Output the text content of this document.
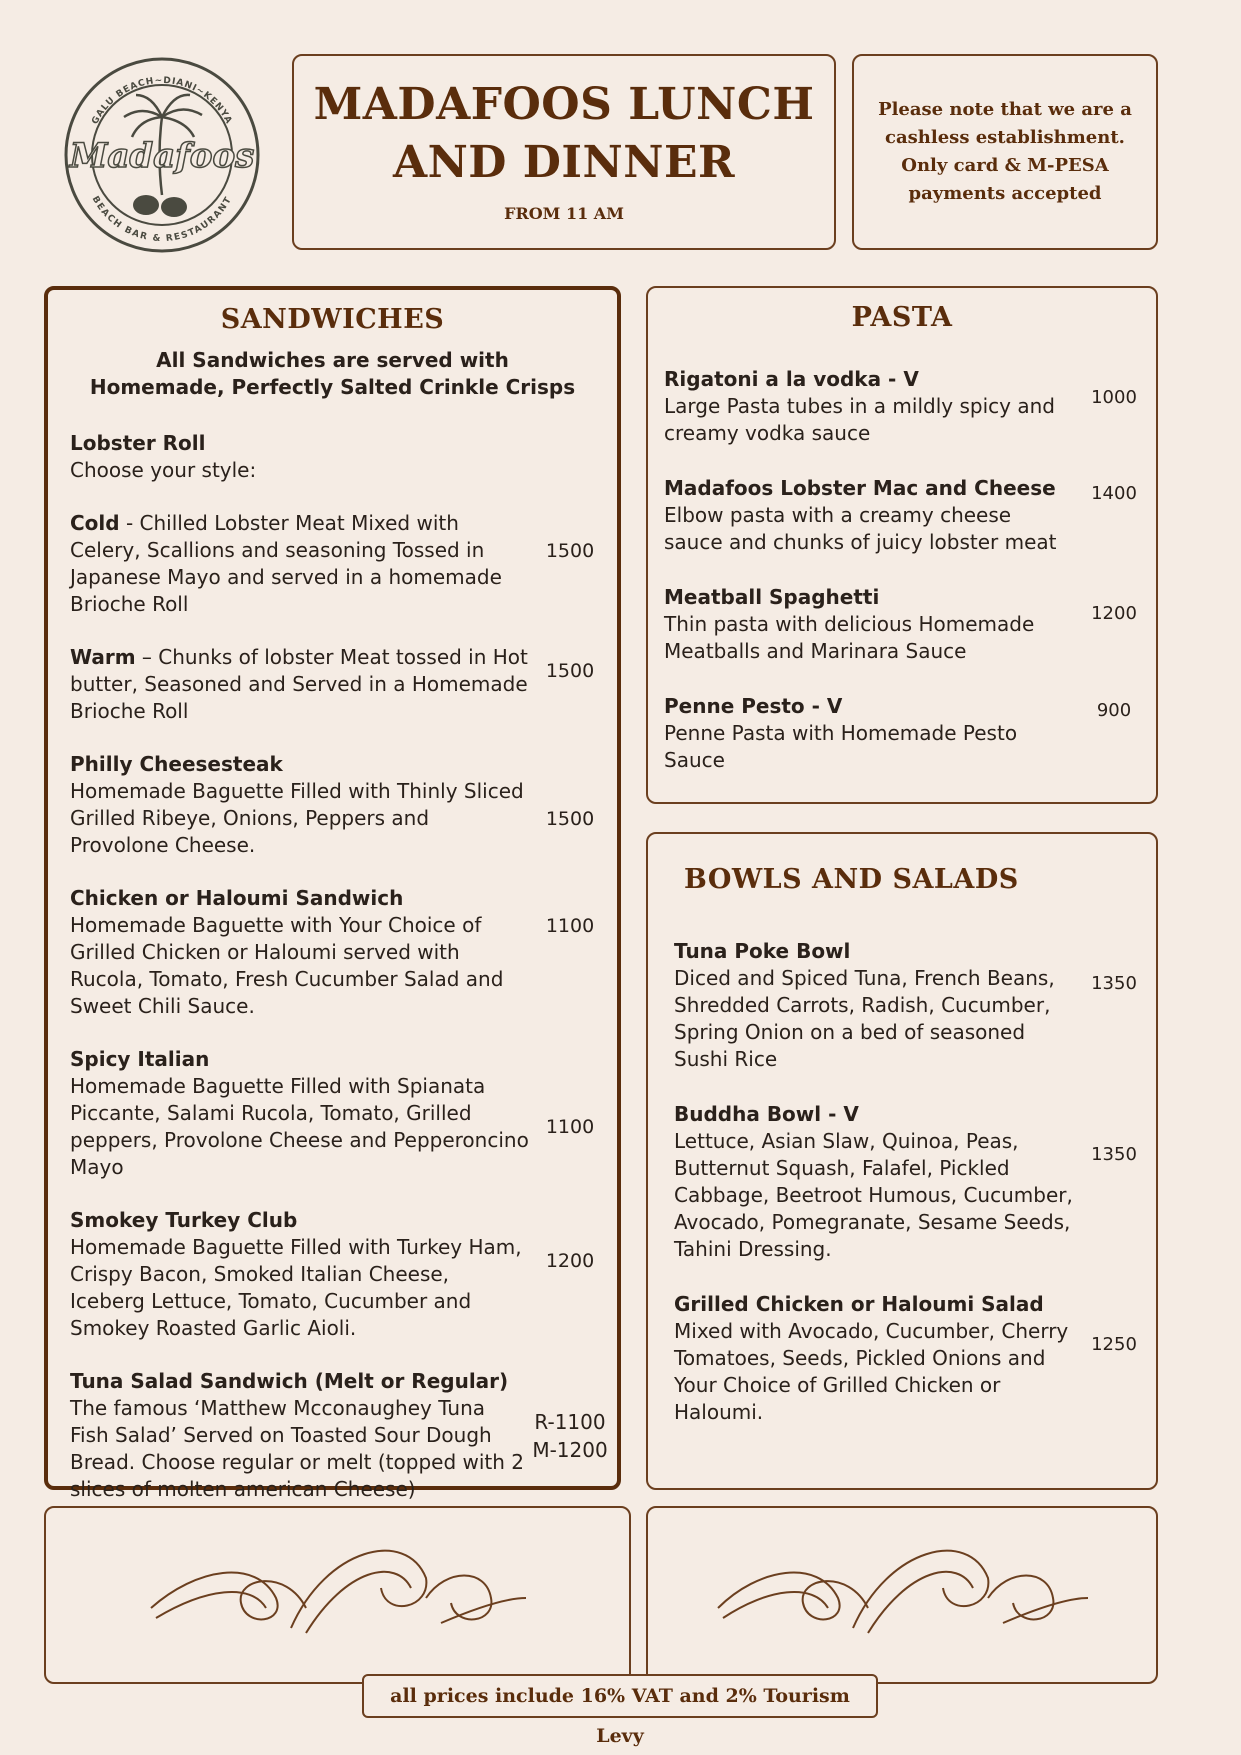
GALU BEACH~DIANI~KENYA
BEACH BAR & RESTAURANT
Madafoos
MADAFOOS LUNCH
AND DINNER
FROM 11 AM
Please note that we are a cashless establishment. Only card & M-PESA payments accepted
SANDWICHES
All Sandwiches are served with
Homemade, Perfectly Salted Crinkle Crisps
Lobster Roll
Choose your style:
Cold - Chilled Lobster Meat Mixed with Celery, Scallions and seasoning Tossed in Japanese Mayo and served in a homemade Brioche Roll
1500
Warm – Chunks of lobster Meat tossed in Hot butter, Seasoned and Served in a Homemade Brioche Roll
1500
Philly Cheesesteak
Homemade Baguette Filled with Thinly Sliced Grilled Ribeye, Onions, Peppers and Provolone Cheese.
1500
Chicken or Haloumi Sandwich
Homemade Baguette with Your Choice of Grilled Chicken or Haloumi served with Rucola, Tomato, Fresh Cucumber Salad and Sweet Chili Sauce.
1100
Spicy Italian
Homemade Baguette Filled with Spianata Piccante, Salami Rucola, Tomato, Grilled peppers, Provolone Cheese and Pepperoncino Mayo
1100
Smokey Turkey Club
Homemade Baguette Filled with Turkey Ham, Crispy Bacon, Smoked Italian Cheese, Iceberg Lettuce, Tomato, Cucumber and Smokey Roasted Garlic Aioli.
1200
Tuna Salad Sandwich (Melt or Regular)
The famous ‘Matthew Mcconaughey Tuna Fish Salad’ Served on Toasted Sour Dough Bread. Choose regular or melt (topped with 2 slices of molten american Cheese)
R-1100
M-1200
PASTA
Rigatoni a la vodka - V
Large Pasta tubes in a mildly spicy and creamy vodka sauce
1000
Madafoos Lobster Mac and Cheese
Elbow pasta with a creamy cheese sauce and chunks of juicy lobster meat
1400
Meatball Spaghetti
Thin pasta with delicious Homemade Meatballs and Marinara Sauce
1200
Penne Pesto - V
Penne Pasta with Homemade Pesto Sauce
900
BOWLS AND SALADS
Tuna Poke Bowl
Diced and Spiced Tuna, French Beans, Shredded Carrots, Radish, Cucumber, Spring Onion on a bed of seasoned Sushi Rice
1350
Buddha Bowl - V
Lettuce, Asian Slaw, Quinoa, Peas, Butternut Squash, Falafel, Pickled Cabbage, Beetroot Humous, Cucumber, Avocado, Pomegranate, Sesame Seeds, Tahini Dressing.
1350
Grilled Chicken or Haloumi Salad
Mixed with Avocado, Cucumber, Cherry Tomatoes, Seeds, Pickled Onions and Your Choice of Grilled Chicken or Haloumi.
1250
all prices include 16% VAT and 2% Tourism Levy
